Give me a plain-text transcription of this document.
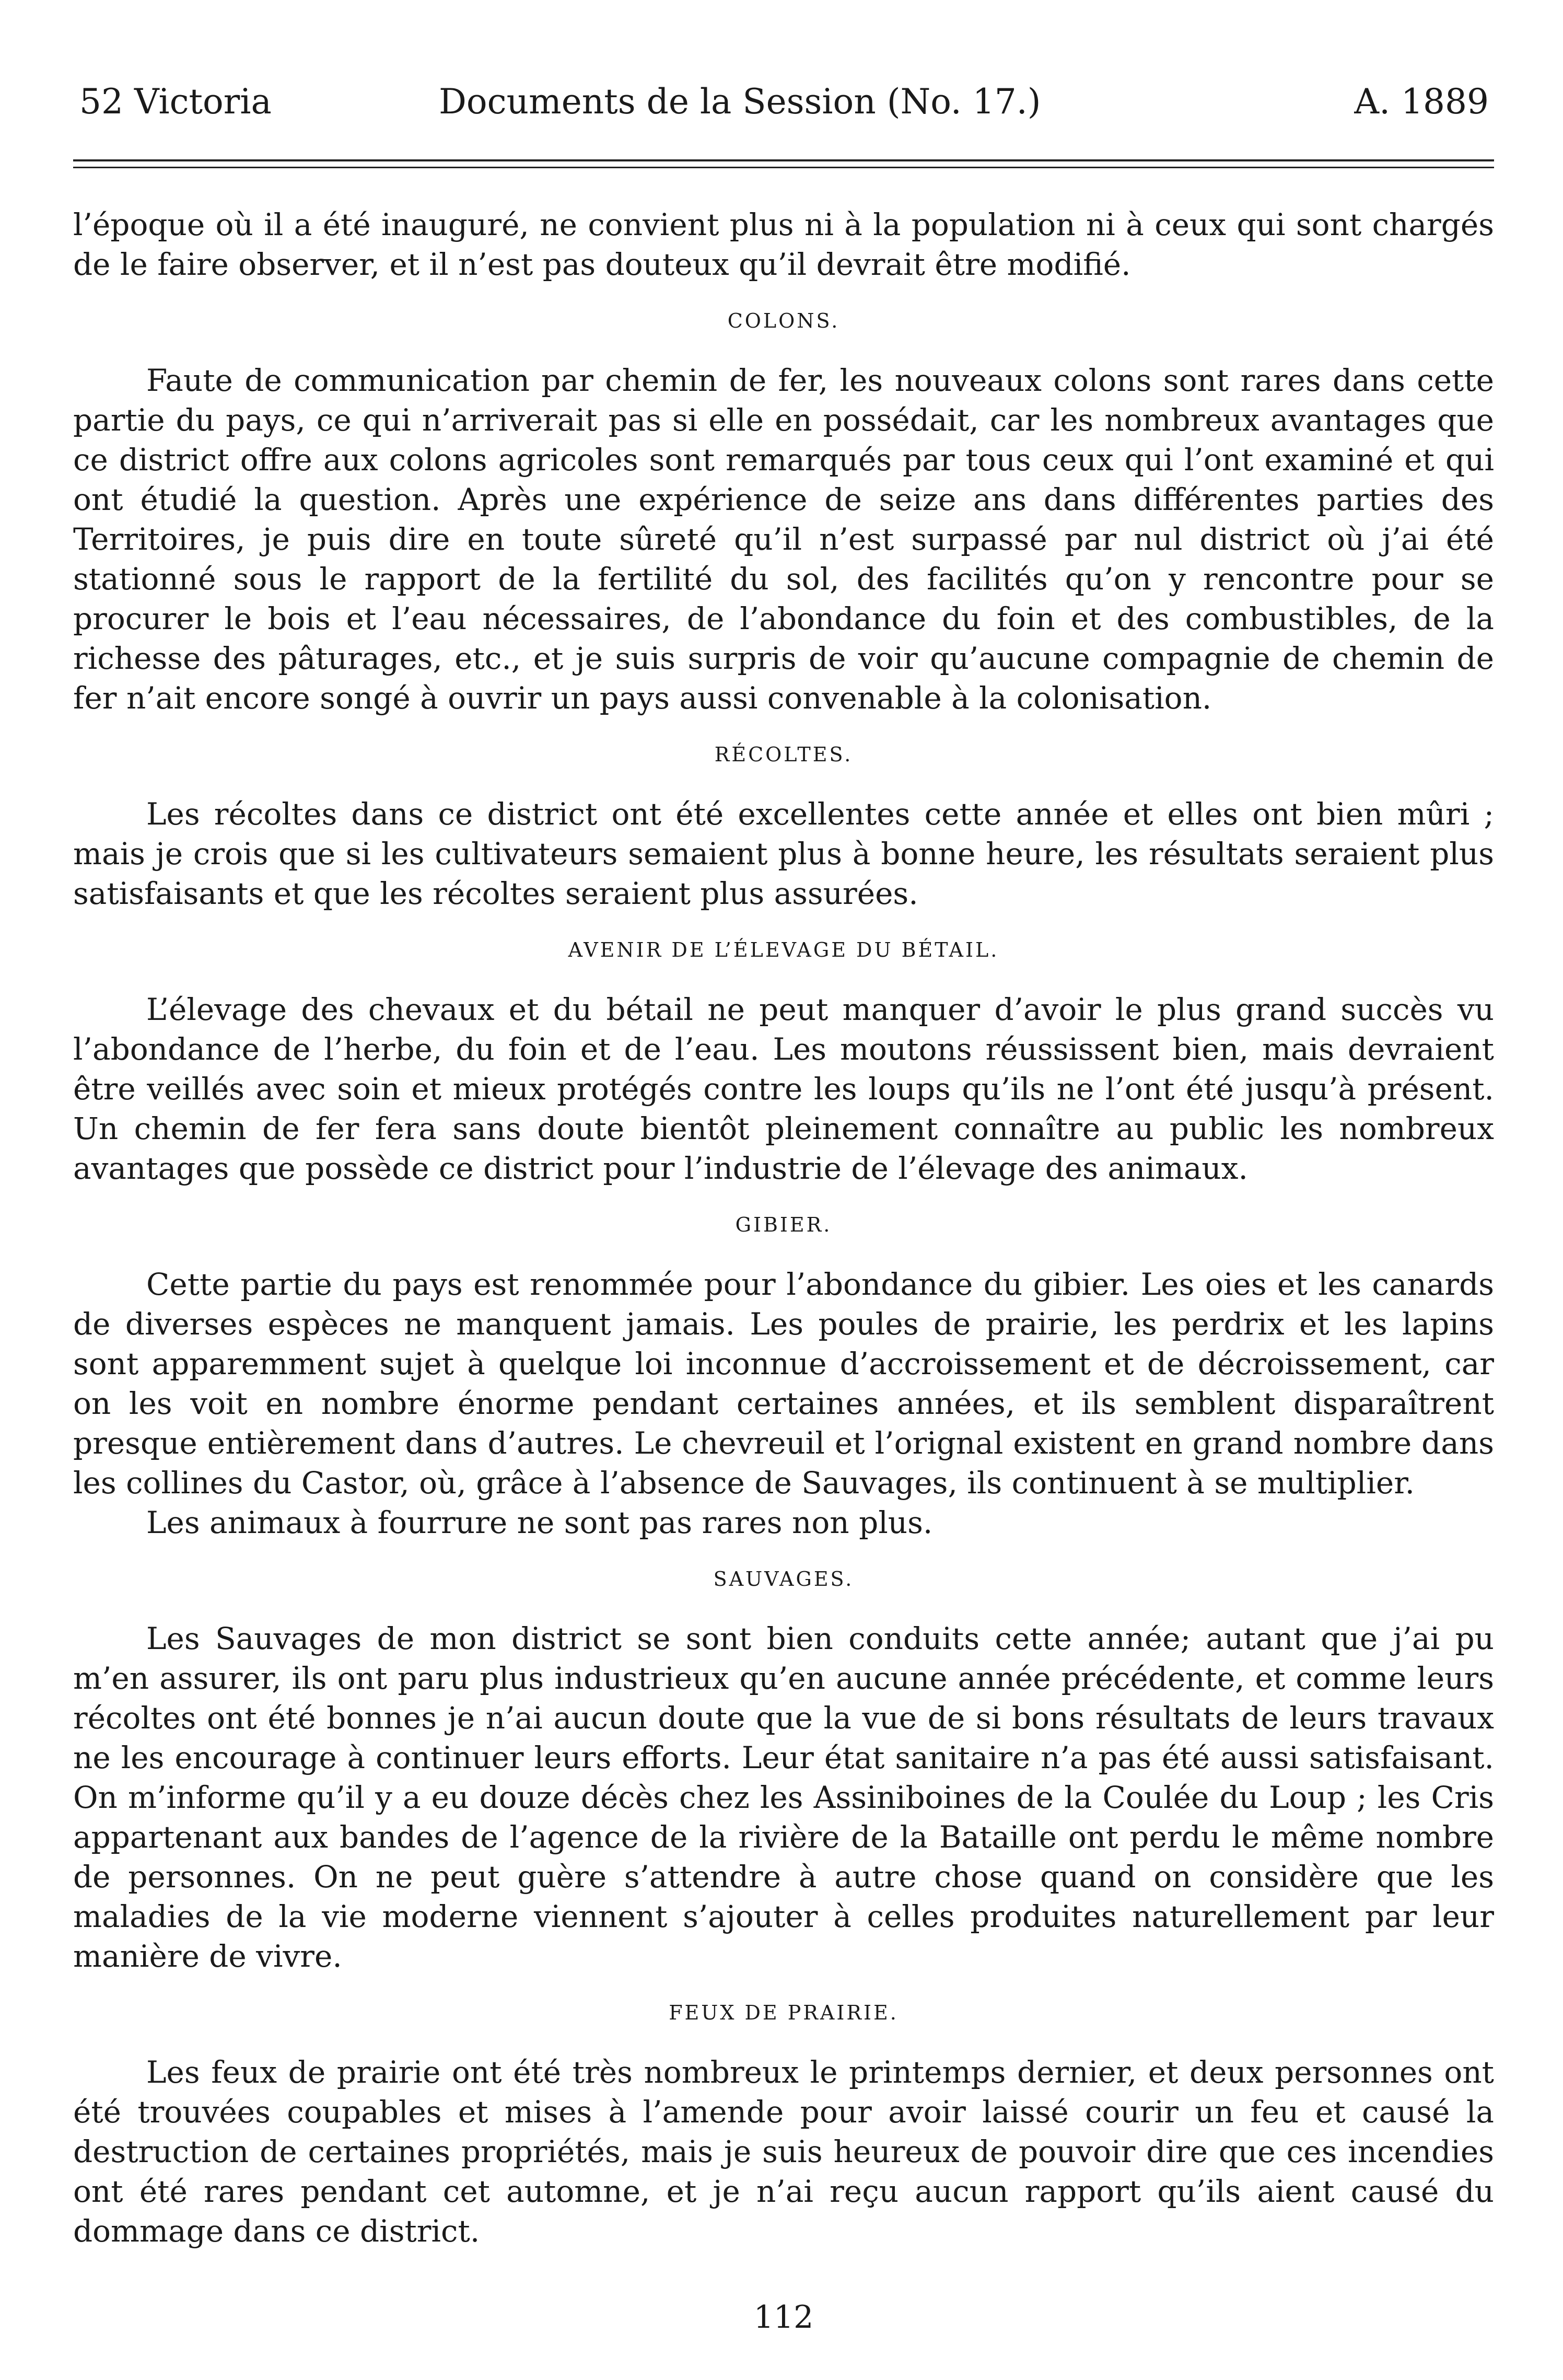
52 Victoria	Documents de la Session (No. 17.)	A. 1889

l’époque où il a été inauguré, ne convient plus ni à la population ni à ceux qui sont chargés de le faire observer, et il n’est pas douteux qu’il devrait être modifié.

COLONS.

Faute de communication par chemin de fer, les nouveaux colons sont rares dans cette partie du pays, ce qui n’arriverait pas si elle en possédait, car les nombreux avantages que ce district offre aux colons agricoles sont remarqués par tous ceux qui l’ont examiné et qui ont étudié la question. Après une expérience de seize ans dans différentes parties des Territoires, je puis dire en toute sûreté qu’il n’est surpassé par nul district où j’ai été stationné sous le rapport de la fertilité du sol, des facilités qu’on y rencontre pour se procurer le bois et l’eau nécessaires, de l’abondance du foin et des combustibles, de la richesse des pâturages, etc., et je suis surpris de voir qu’aucune compagnie de chemin de fer n’ait encore songé à ouvrir un pays aussi convenable à la colonisation.

RÉCOLTES.

Les récoltes dans ce district ont été excellentes cette année et elles ont bien mûri ; mais je crois que si les cultivateurs semaient plus à bonne heure, les résultats seraient plus satisfaisants et que les récoltes seraient plus assurées.

AVENIR DE L’ÉLEVAGE DU BÉTAIL.

L’élevage des chevaux et du bétail ne peut manquer d’avoir le plus grand succès vu l’abondance de l’herbe, du foin et de l’eau. Les moutons réussissent bien, mais devraient être veillés avec soin et mieux protégés contre les loups qu’ils ne l’ont été jusqu’à présent. Un chemin de fer fera sans doute bientôt pleinement connaître au public les nombreux avantages que possède ce district pour l’industrie de l’élevage des animaux.

GIBIER.

Cette partie du pays est renommée pour l’abondance du gibier. Les oies et les canards de diverses espèces ne manquent jamais. Les poules de prairie, les perdrix et les lapins sont apparemment sujet à quelque loi inconnue d’accroissement et de décroissement, car on les voit en nombre énorme pendant certaines années, et ils semblent disparaîtrent presque entièrement dans d’autres. Le chevreuil et l’orignal existent en grand nombre dans les collines du Castor, où, grâce à l’absence de Sauvages, ils continuent à se multiplier.

Les animaux à fourrure ne sont pas rares non plus.

SAUVAGES.

Les Sauvages de mon district se sont bien conduits cette année; autant que j’ai pu m’en assurer, ils ont paru plus industrieux qu’en aucune année précédente, et comme leurs récoltes ont été bonnes je n’ai aucun doute que la vue de si bons résultats de leurs travaux ne les encourage à continuer leurs efforts. Leur état sanitaire n’a pas été aussi satisfaisant. On m’informe qu’il y a eu douze décès chez les Assiniboines de la Coulée du Loup ; les Cris appartenant aux bandes de l’agence de la rivière de la Bataille ont perdu le même nombre de personnes. On ne peut guère s’attendre à autre chose quand on considère que les maladies de la vie moderne viennent s’ajouter à celles produites naturellement par leur manière de vivre.

FEUX DE PRAIRIE.

Les feux de prairie ont été très nombreux le printemps dernier, et deux personnes ont été trouvées coupables et mises à l’amende pour avoir laissé courir un feu et causé la destruction de certaines propriétés, mais je suis heureux de pouvoir dire que ces incendies ont été rares pendant cet automne, et je n’ai reçu aucun rapport qu’ils aient causé du dommage dans ce district.

112
